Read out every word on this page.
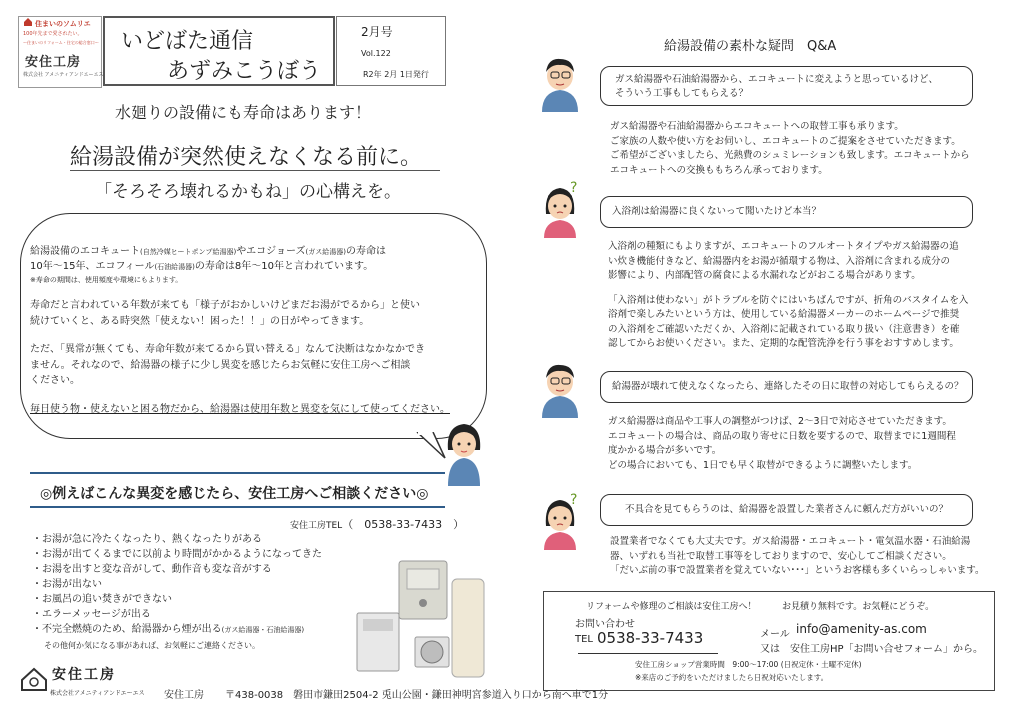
住まいのソムリエ
100年先まで愛されたい。
〜住まいのリフォーム・住宅の総合窓口〜
安住工房
株式会社 アメニティアンドエーエス
いどばた通信
あずみこうぼう
2月号
Vol.122
R2年 2月 1日発行
水廻りの設備にも寿命はあります！
給湯設備が突然使えなくなる前に。
「そろそろ壊れるかもね」の心構えを。
給湯設備のエコキュート(自然冷媒ヒートポンプ給湯器)やエコジョーズ(ガス給湯器)の寿命は
10年～15年、エコフィール(石油給湯器)の寿命は8年～10年と言われています。
※寿命の期間は、使用頻度や環境にもよります。
寿命だと言われている年数が来ても「様子がおかしいけどまだお湯がでるから」と使い
続けていくと、ある時突然「使えない！困った！！」の日がやってきます。
ただ、「異常が無くても、寿命年数が来てるから買い替える」なんて決断はなかなかでき
ません。それなので、給湯器の様子に少し異変を感じたらお気軽に安住工房へご相談
ください。
毎日使う物・使えないと困る物だから、給湯器は使用年数と異変を気にして使ってください。
◎例えばこんな異変を感じたら、安住工房へご相談ください◎
安住工房TEL（　0538-33-7433　）
・お湯が急に冷たくなったり、熱くなったりがある
・お湯が出てくるまでに以前より時間がかかるようになってきた
・お湯を出すと変な音がして、動作音も変な音がする
・お湯が出ない
・お風呂の追い焚きができない
・エラーメッセージが出る
・不完全燃焼のため、給湯器から煙が出る(ガス給湯器・石油給湯器)
その他何か気になる事があれば、お気軽にご連絡ください。
安住工房
株式会社アメニティアンドエーエス 安住工房 〒438-0038　磐田市鎌田2504-2 兎山公園・鎌田神明宮参道入り口から南へ車で1分
給湯設備の素朴な疑問　Q&A
ガス給湯器や石油給湯器から、エコキュートに変えようと思っているけど、
そういう工事もしてもらえる？
ガス給湯器や石油給湯器からエコキュートへの取替工事も承ります。
ご家族の人数や使い方をお伺いし、エコキュートのご提案をさせていただきます。
ご希望がございましたら、光熱費のシュミレーションも致します。エコキュートから
エコキュートへの交換ももちろん承っております。
?
入浴剤は給湯器に良くないって聞いたけど本当？
入浴剤の種類にもよりますが、エコキュートのフルオートタイプやガス給湯器の追
い炊き機能付きなど、給湯器内をお湯が循環する物は、入浴剤に含まれる成分の
影響により、内部配管の腐食による水漏れなどがおこる場合があります。
「入浴剤は使わない」がトラブルを防ぐにはいちばんですが、折角のバスタイムを入
浴剤で楽しみたいという方は、使用している給湯器メーカーのホームページで推奨
の入浴剤をご確認いただくか、入浴剤に記載されている取り扱い（注意書き）を確
認してからお使いください。また、定期的な配管洗浄を行う事をおすすめします。
給湯器が壊れて使えなくなったら、連絡したその日に取替の対応してもらえるの？
ガス給湯器は商品や工事人の調整がつけば、2～3日で対応させていただきます。
エコキュートの場合は、商品の取り寄せに日数を要するので、取替までに1週間程
度かかる場合が多いです。
どの場合においても、1日でも早く取替ができるように調整いたします。
?
不具合を見てもらうのは、給湯器を設置した業者さんに頼んだ方がいいの？
設置業者でなくても大丈夫です。ガス給湯器・エコキュート・電気温水器・石油給湯
器、いずれも当社で取替工事等をしておりますので、安心してご相談ください。
「だいぶ前の事で設置業者を覚えていない･･･」というお客様も多くいらっしゃいます。
リフォームや修理のご相談は安住工房へ！	お見積り無料です。お気軽にどうぞ。
お問い合わせ
TEL 0538-33-7433	メール info@amenity-as.com
又は　安住工房HP「お問い合せフォーム」から。
安住工房ショップ営業時間　9:00～17:00 (日祝定休・土曜不定休)
※来店のご予約をいただけましたら日祝対応いたします。
